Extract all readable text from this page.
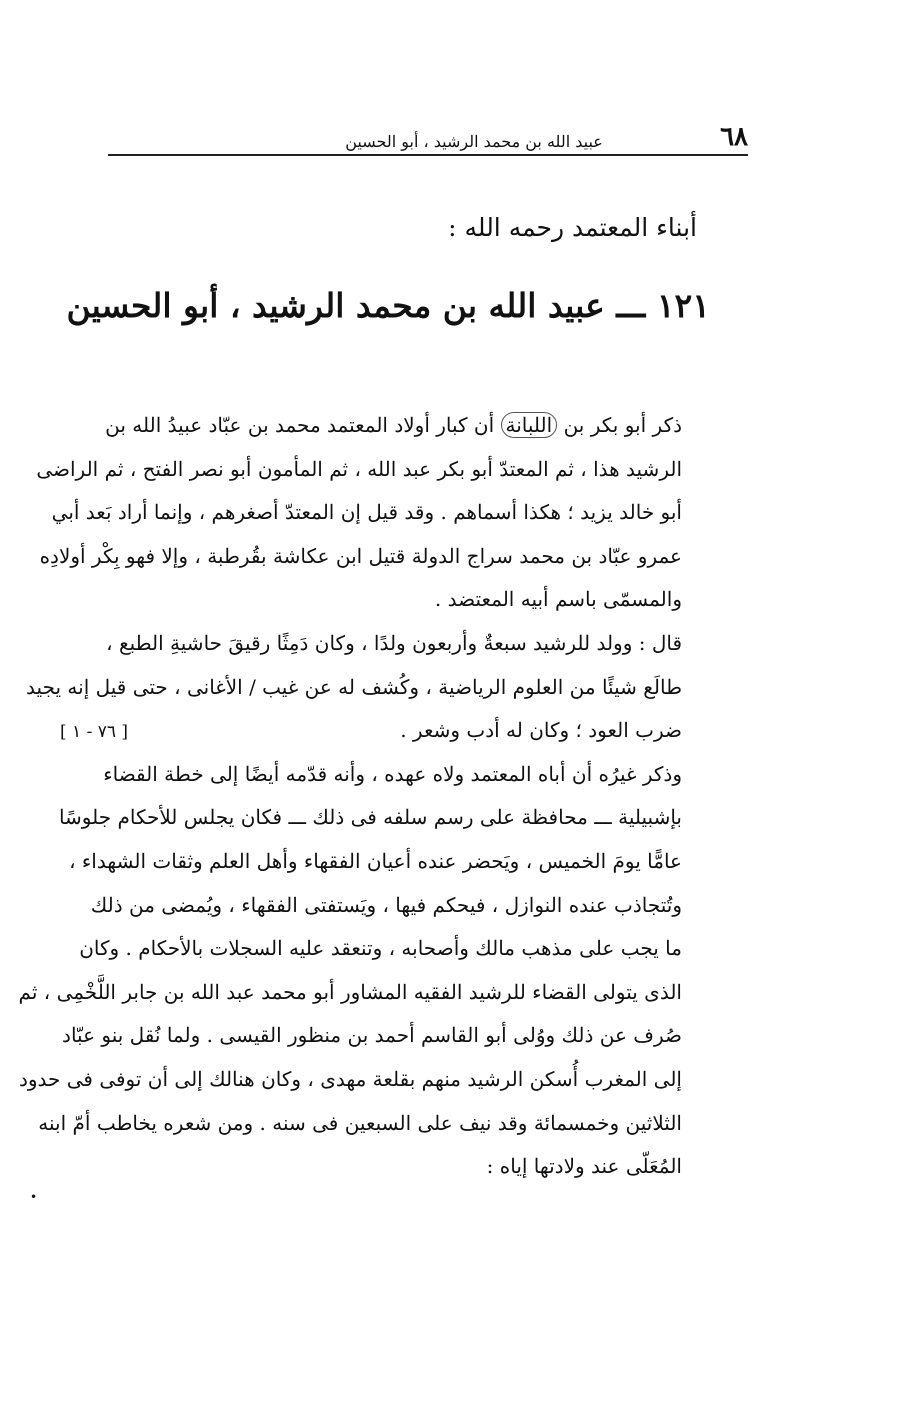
٦٨
عبيد الله بن محمد الرشيد ، أبو الحسين
أبناء المعتمد رحمه الله :
١٢١ ـــ عبيد الله بن محمد الرشيد ، أبو الحسين

ذكر أبو بكر بن اللبانة أن كبار أولاد المعتمد محمد بن عبّاد عبيدُ الله بن
الرشيد هذا ، ثم المعتدّ أبو بكر عبد الله ، ثم المأمون أبو نصر الفتح ، ثم الراضى
أبو خالد يزيد ؛ هكذا أسماهم . وقد قيل إن المعتدّ أصغرهم ، وإنما أراد بَعد أبي
عمرو عبّاد بن محمد سراج الدولة قتيل ابن عكاشة بقُرطبة ، وإلا فهو بِكْر أولادِه
والمسمّى باسم أبيه المعتضد .

قال : وولد للرشيد سبعةٌ وأربعون ولدًا ، وكان دَمِثًا رقيقَ حاشيةِ الطبع ،
طالَع شيئًا من العلوم الرياضية ، وكُشف له عن غيب / الأغانى ، حتى قيل إنه يجيد
ضرب العود ؛ وكان له أدب وشعر .

وذكر غيرُه أن أباه المعتمد ولاه عهده ، وأنه قدّمه أيضًا إلى خطة القضاء
بإشبيلية ـــ محافظة على رسم سلفه فى ذلك ـــ فكان يجلس للأحكام جلوسًا
عامًّا يومَ الخميس ، ويَحضر عنده أعيان الفقهاء وأهل العلم وثقات الشهداء ،
وتُتجاذب عنده النوازل ، فيحكم فيها ، ويَستفتى الفقهاء ، ويُمضى من ذلك
ما يجب على مذهب مالك وأصحابه ، وتنعقد عليه السجلات بالأحكام . وكان
الذى يتولى القضاء للرشيد الفقيه المشاور أبو محمد عبد الله بن جابر اللَّخْمِى ، ثم
صُرف عن ذلك ووُلى أبو القاسم أحمد بن منظور القيسى . ولما نُقل بنو عبّاد
إلى المغرب أُسكن الرشيد منهم بقلعة مهدى ، وكان هنالك إلى أن توفى فى حدود
الثلاثين وخمسمائة وقد نيف على السبعين فى سنه . ومن شعره يخاطب أمّ ابنه
المُعَلّى عند ولادتها إياه :

[ ٧٦ - ١ ]
•
